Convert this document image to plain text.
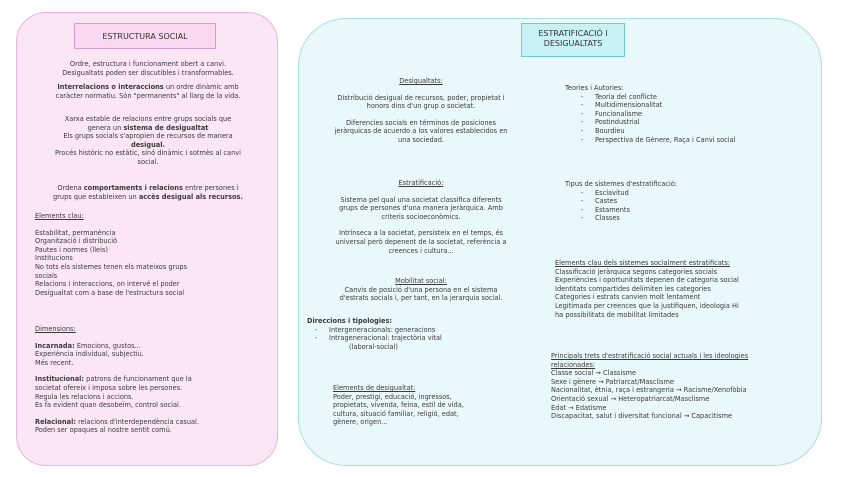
ESTRUCTURA SOCIAL
Ordre, estructura i funcionament obert a canvi.
Desigualtats poden ser discutibles i transformables.
Interrelacions o interaccions un ordre dinàmic amb
caràcter normatiu. Són "permanents" al llarg de la vida.
Xarxa estable de relacions entre grups socials que
genera un sistema de desigualtat
Els grups socials s'apropien de recursos de manera
desigual.
Procés històric no estàtic, sinó dinàmic i sotmès al canvi
social.
Ordena comportaments i relacions entre persones i
grups que estableixen un accès desigual als recursos.
Elements clau:
Estabilitat, permanència
Organització i distribució
Pautes i normes (lleis)
Institucions
No tots els sistemes tenen els mateixos grups
socials
Relacions i interaccions, on intervé el poder
Desigualtat com a base de l'estructura social
Dimensions:
Incarnada: Emocions, gustos...
Experiència individual, subjectiu.
Més recent.
Institucional: patrons de funcionament que la
societat ofereix i imposa sobre les persones.
Regula les relacions i accions.
Es fa evident quan desobeïm, control social.
Relacional: relacions d'interdependència casual.
Poden ser opaques al nostre sentit comú.
ESTRATIFICACIÓ I
DESIGUALTATS
Desigualtats:
Distribució desigual de recursos, poder, propietat i
honors dins d'un grup o societat.
Diferencies socials en términos de posiciones
jeràrquicas de acuerdo a los valores establecidos en
una sociedad.
Estratificació:
Sistema pel qual una societat classifica diferents
grups de persones d'una manera jeràrquica. Amb
criteris socioeconòmics.
Intrínseca a la societat, persisteix en el temps, és
universal però depenent de la societat, referència a
creences i cultura...
Mobilitat social:
Canvis de posició d'una persona en el sistema
d'estrats socials i, per tant, en la jerarquia social.
Direccions i tipologies:
- Intergeneracionals: generacions
- Intrageneracional: trajectòria vital
(laboral-social)
Elements de desigualtat:
Poder, prestigi, educació, ingressos,
propietats, vivenda, feina, estil de vida,
cultura, situació familiar, religió, edat,
gènere, origen...
Teories i Autories:
- Teoria del conflicte
- Multidimensionalitat
- Funcionalisme
- Postindustrial
- Bourdieu
- Perspectiva de Gènere, Raça i Canvi social
Tipus de sistemes d'estratificació:
- Esclavitud
- Castes
- Estaments
- Classes
Elements clau dels sistemes socialment estratificats:
Classificació jeràrquica segons categories socials
Experiències i oportunitats depenen de categoria social
Identitats compartides delimiten les categories
Categories i estrats canvien molt lentament
Legitimada per creences que la justifiquen, ideologia Hi
ha possibilitats de mobilitat limitades
Principals trets d'estratificació social actuals i les ideologies
relacionades:
Classe social → Classisme
Sexe i gènere → Patriarcat/Masclisme
Nacionalitat, ètnia, raça i estrangeria → Racisme/Xenofòbia
Orientació sexual → Heteropatriarcat/Masclisme
Edat → Edatisme
Discapacitat, salut i diversitat funcional → Capacitisme
